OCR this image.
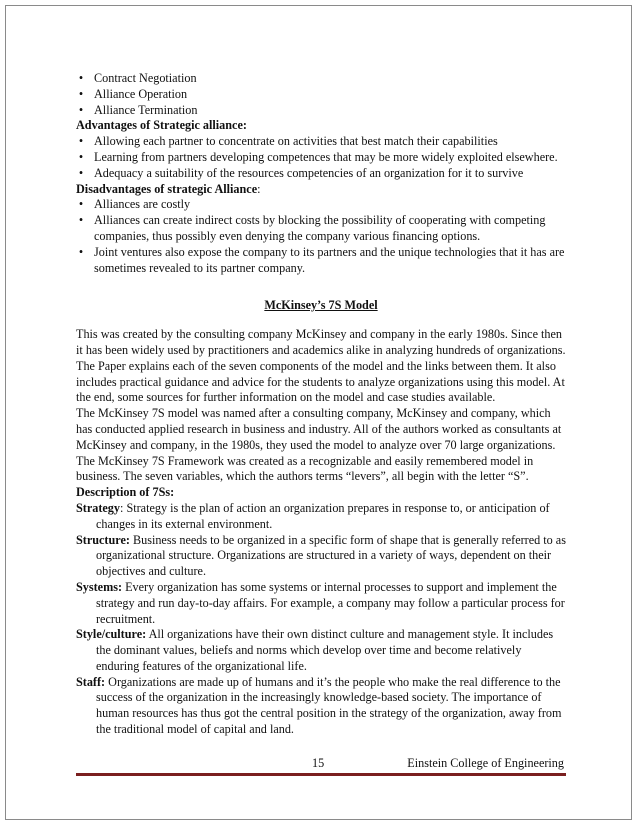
• Contract Negotiation
• Alliance Operation
• Alliance Termination
Advantages of Strategic alliance:
• Allowing each partner to concentrate on activities that best match their capabilities
• Learning from partners developing competences that may be more widely exploited elsewhere.
• Adequacy a suitability of the resources competencies of an organization for it to survive
Disadvantages of strategic Alliance:
• Alliances are costly
• Alliances can create indirect costs by blocking the possibility of cooperating with competing companies, thus possibly even denying the company various financing options.
• Joint ventures also expose the company to its partners and the unique technologies that it has are sometimes revealed to its partner company.
McKinsey’s 7S Model

This was created by the consulting company McKinsey and company in the early 1980s. Since then it has been widely used by practitioners and academics alike in analyzing hundreds of organizations. The Paper explains each of the seven components of the model and the links between them. It also includes practical guidance and advice for the students to analyze organizations using this model. At the end, some sources for further information on the model and case studies available.

The McKinsey 7S model was named after a consulting company, McKinsey and company, which has conducted applied research in business and industry. All of the authors worked as consultants at McKinsey and company, in the 1980s, they used the model to analyze over 70 large organizations. The McKinsey 7S Framework was created as a recognizable and easily remembered model in business. The seven variables, which the authors terms “levers”, all begin with the letter “S”.

Description of 7Ss:

Strategy: Strategy is the plan of action an organization prepares in response to, or anticipation of changes in its external environment.

Structure: Business needs to be organized in a specific form of shape that is generally referred to as organizational structure. Organizations are structured in a variety of ways, dependent on their objectives and culture.

Systems: Every organization has some systems or internal processes to support and implement the strategy and run day-to-day affairs. For example, a company may follow a particular process for recruitment.

Style/culture: All organizations have their own distinct culture and management style. It includes the dominant values, beliefs and norms which develop over time and become relatively enduring features of the organizational life.

Staff: Organizations are made up of humans and it’s the people who make the real difference to the success of the organization in the increasingly knowledge-based society. The importance of human resources has thus got the central position in the strategy of the organization, away from the traditional model of capital and land.

15	Einstein College of Engineering
